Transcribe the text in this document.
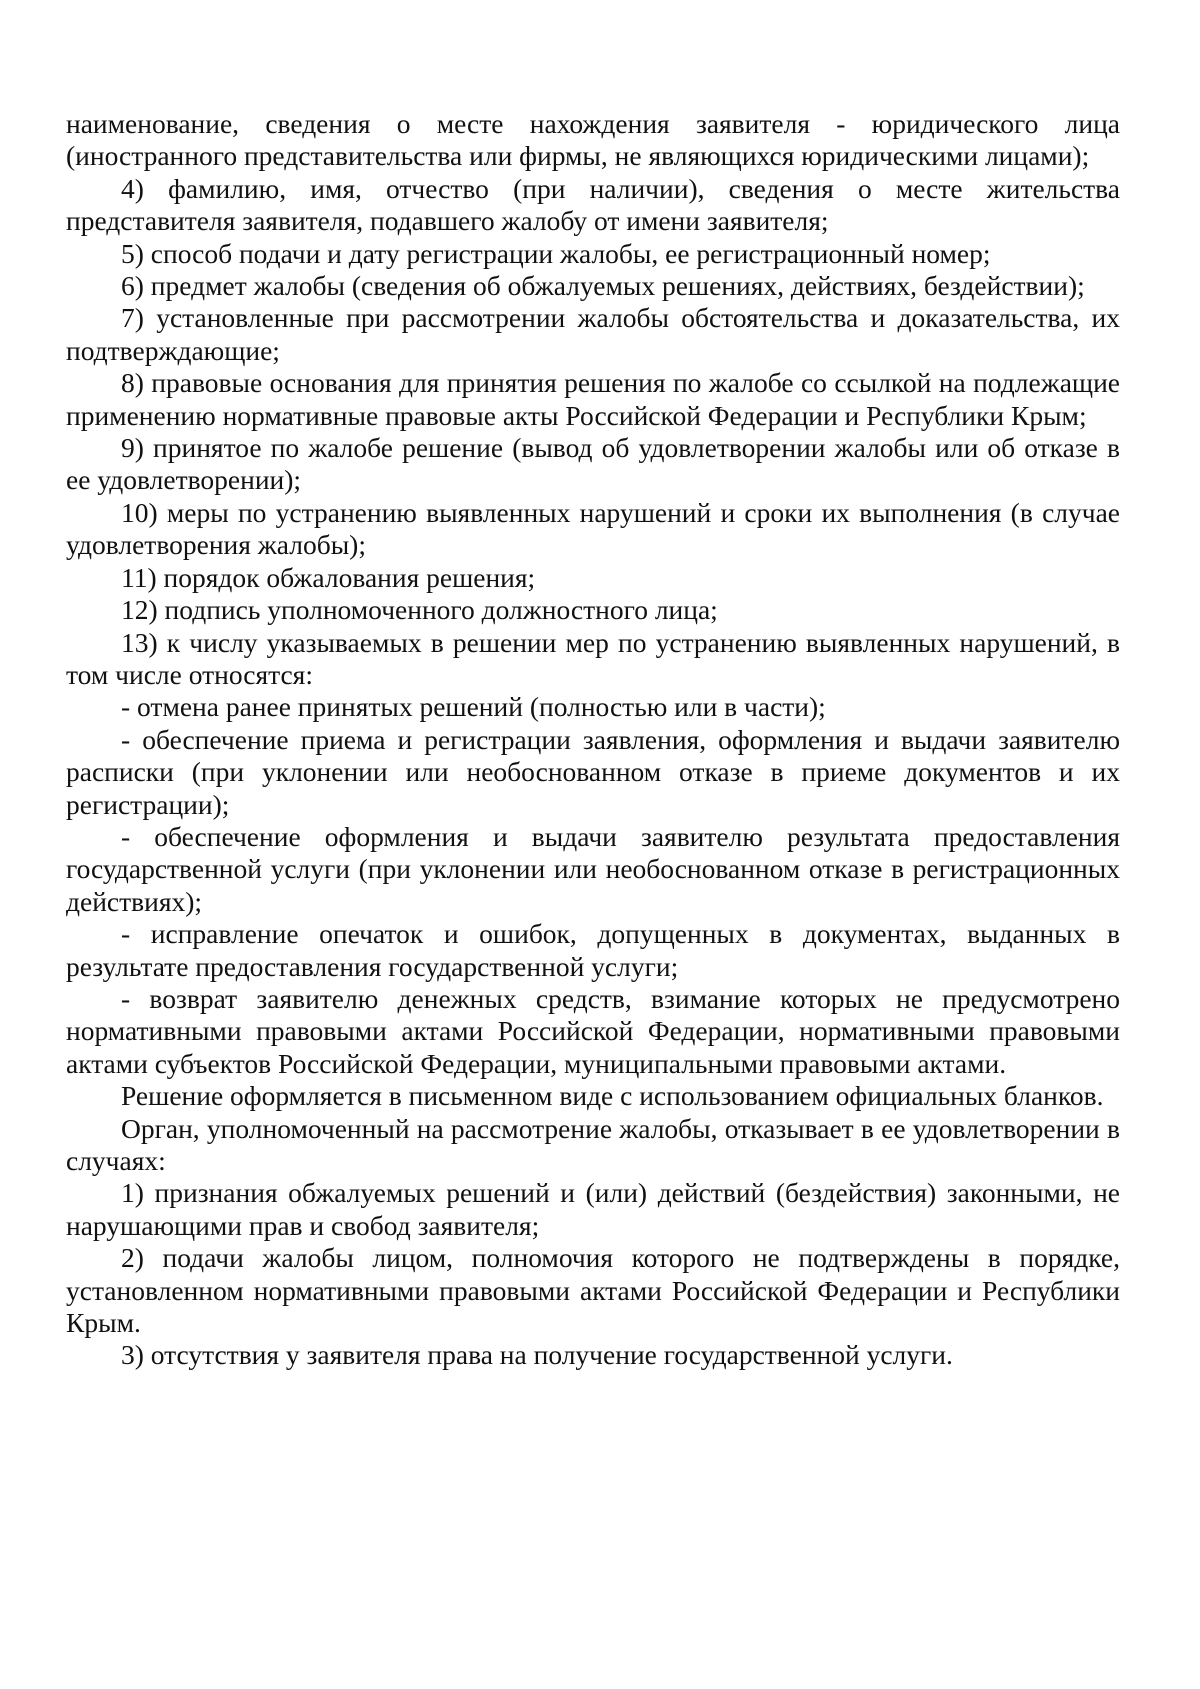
наименование, сведения о месте нахождения заявителя - юридического лица (иностранного представительства или фирмы, не являющихся юридическими лицами);

4) фамилию, имя, отчество (при наличии), сведения о месте жительства представителя заявителя, подавшего жалобу от имени заявителя;

5) способ подачи и дату регистрации жалобы, ее регистрационный номер;

6) предмет жалобы (сведения об обжалуемых решениях, действиях, бездействии);

7) установленные при рассмотрении жалобы обстоятельства и доказательства, их подтверждающие;

8) правовые основания для принятия решения по жалобе со ссылкой на подлежащие применению нормативные правовые акты Российской Федерации и Республики Крым;

9) принятое по жалобе решение (вывод об удовлетворении жалобы или об отказе в ее удовлетворении);

10) меры по устранению выявленных нарушений и сроки их выполнения (в случае удовлетворения жалобы);

11) порядок обжалования решения;

12) подпись уполномоченного должностного лица;

13) к числу указываемых в решении мер по устранению выявленных нарушений, в том числе относятся:

- отмена ранее принятых решений (полностью или в части);

- обеспечение приема и регистрации заявления, оформления и выдачи заявителю расписки (при уклонении или необоснованном отказе в приеме документов и их регистрации);

- обеспечение оформления и выдачи заявителю результата предоставления государственной услуги (при уклонении или необоснованном отказе в регистрационных действиях);

- исправление опечаток и ошибок, допущенных в документах, выданных в результате предоставления государственной услуги;

- возврат заявителю денежных средств, взимание которых не предусмотрено нормативными правовыми актами Российской Федерации, нормативными правовыми актами субъектов Российской Федерации, муниципальными правовыми актами.

Решение оформляется в письменном виде с использованием официальных бланков.

Орган, уполномоченный на рассмотрение жалобы, отказывает в ее удовлетворении в случаях:

1) признания обжалуемых решений и (или) действий (бездействия) законными, не нарушающими прав и свобод заявителя;

2) подачи жалобы лицом, полномочия которого не подтверждены в порядке, установленном нормативными правовыми актами Российской Федерации и Республики Крым.

3) отсутствия у заявителя права на получение государственной услуги.
